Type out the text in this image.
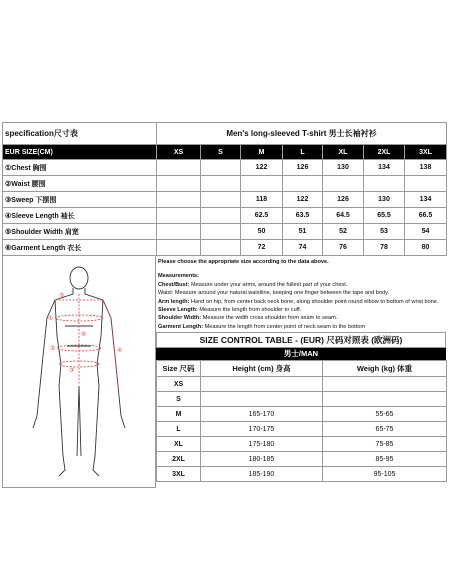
specification尺寸表	Men's long-sleeved T-shirt 男士长袖衬衫						
EUR SIZE(CM)	XS	S	M	L	XL	2XL	3XL
①Chest 胸围			122	126	130	134	138
②Waist 腰围							
③Sweep 下摆围			118	122	126	130	134
④Sleeve Length 袖长			62.5	63.5	64.5	65.5	66.5
⑤Shoulder Width 肩宽			50	51	52	53	54
⑥Garment Length 衣长			72	74	76	78	80
⑤
①
②
③
④
⑥

Please choose the appropriate size according to the data above.

Measurements:

Chest/Bust: Measure under your arms, around the fullest part of your chest.

Waist: Measure around your natural waistline, keeping one finger between the tape and body.

Arm length: Hand on hip, from center back neck bone, along shoulder point round elbow to bottom of wrist bone.

Sleeve Length: Measure the length from shoulder to cuff.

Shoulder Width: Measure the width cross shoulder from seam to seam.

Garment Length: Measure the length from center point of neck seam to the bottom

SIZE CONTROL TABLE - (EUR) 尺码对照表 (欧洲码)
男士/MAN
Size 尺码	Height (cm) 身高	Weigh (kg) 体重
XS		
S		
M	165-170	55-65
L	170-175	65-75
XL	175-180	75-85
2XL	180-185	85-95
3XL	185-190	95-105
